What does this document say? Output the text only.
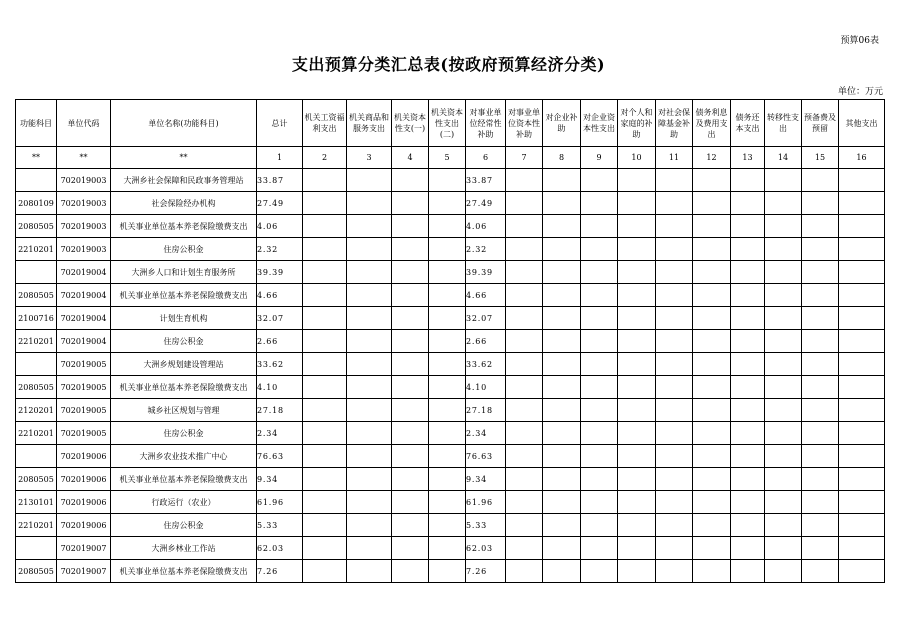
预算06表
支出预算分类汇总表(按政府预算经济分类)
单位：万元
功能科目	单位代码	单位名称(功能科目)	总计	机关工资福利支出	机关商品和服务支出	机关资本性支(一)	机关资本性支出(二)	对事业单位经常性补助	对事业单位资本性补助	对企业补助	对企业资本性支出	对个人和家庭的补助	对社会保障基金补助	债务利息及费用支出	债务还本支出	转移性支出	预备费及预留	其他支出
**	**	**	1	2	3	4	5	6	7	8	9	10	11	12	13	14	15	16
	702019003	大洲乡社会保障和民政事务管理站	33.87					33.87										
2080109	702019003	社会保险经办机构	27.49					27.49										
2080505	702019003	机关事业单位基本养老保险缴费支出	4.06					4.06										
2210201	702019003	住房公积金	2.32					2.32										
	702019004	大洲乡人口和计划生育服务所	39.39					39.39										
2080505	702019004	机关事业单位基本养老保险缴费支出	4.66					4.66										
2100716	702019004	计划生育机构	32.07					32.07										
2210201	702019004	住房公积金	2.66					2.66										
	702019005	大洲乡规划建设管理站	33.62					33.62										
2080505	702019005	机关事业单位基本养老保险缴费支出	4.10					4.10										
2120201	702019005	城乡社区规划与管理	27.18					27.18										
2210201	702019005	住房公积金	2.34					2.34										
	702019006	大洲乡农业技术推广中心	76.63					76.63										
2080505	702019006	机关事业单位基本养老保险缴费支出	9.34					9.34										
2130101	702019006	行政运行（农业）	61.96					61.96										
2210201	702019006	住房公积金	5.33					5.33										
	702019007	大洲乡林业工作站	62.03					62.03										
2080505	702019007	机关事业单位基本养老保险缴费支出	7.26					7.26										
